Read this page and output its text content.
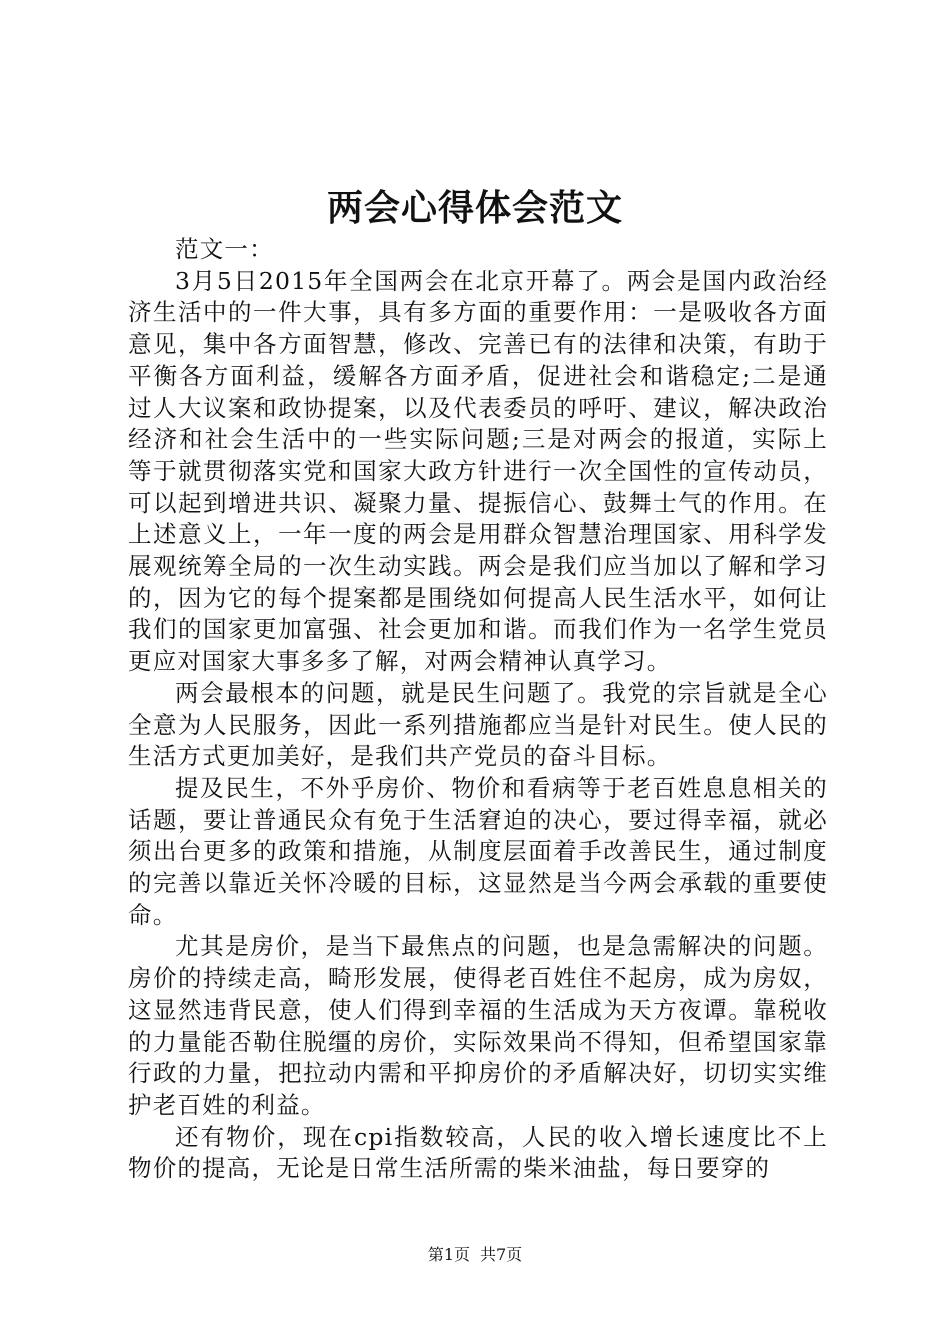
两会心得体会范文

范文一：

3月5日2015年全国两会在北京开幕了。两会是国内政治经济生活中的一件大事，具有多方面的重要作用：一是吸收各方面意见，集中各方面智慧，修改、完善已有的法律和决策，有助于平衡各方面利益，缓解各方面矛盾，促进社会和谐稳定;二是通过人大议案和政协提案，以及代表委员的呼吁、建议，解决政治经济和社会生活中的一些实际问题;三是对两会的报道，实际上等于就贯彻落实党和国家大政方针进行一次全国性的宣传动员，可以起到增进共识、凝聚力量、提振信心、鼓舞士气的作用。在上述意义上，一年一度的两会是用群众智慧治理国家、用科学发展观统筹全局的一次生动实践。两会是我们应当加以了解和学习的，因为它的每个提案都是围绕如何提高人民生活水平，如何让我们的国家更加富强、社会更加和谐。而我们作为一名学生党员更应对国家大事多多了解，对两会精神认真学习。

两会最根本的问题，就是民生问题了。我党的宗旨就是全心全意为人民服务，因此一系列措施都应当是针对民生。使人民的生活方式更加美好，是我们共产党员的奋斗目标。

提及民生，不外乎房价、物价和看病等于老百姓息息相关的话题，要让普通民众有免于生活窘迫的决心，要过得幸福，就必须出台更多的政策和措施，从制度层面着手改善民生，通过制度的完善以靠近关怀冷暖的目标，这显然是当今两会承载的重要使命。

尤其是房价，是当下最焦点的问题，也是急需解决的问题。房价的持续走高，畸形发展，使得老百姓住不起房，成为房奴，这显然违背民意，使人们得到幸福的生活成为天方夜谭。靠税收的力量能否勒住脱缰的房价，实际效果尚不得知，但希望国家靠行政的力量，把拉动内需和平抑房价的矛盾解决好，切切实实维护老百姓的利益。

还有物价，现在cpi指数较高，人民的收入增长速度比不上物价的提高，无论是日常生活所需的柴米油盐，每日要穿的

第1页 共7页
